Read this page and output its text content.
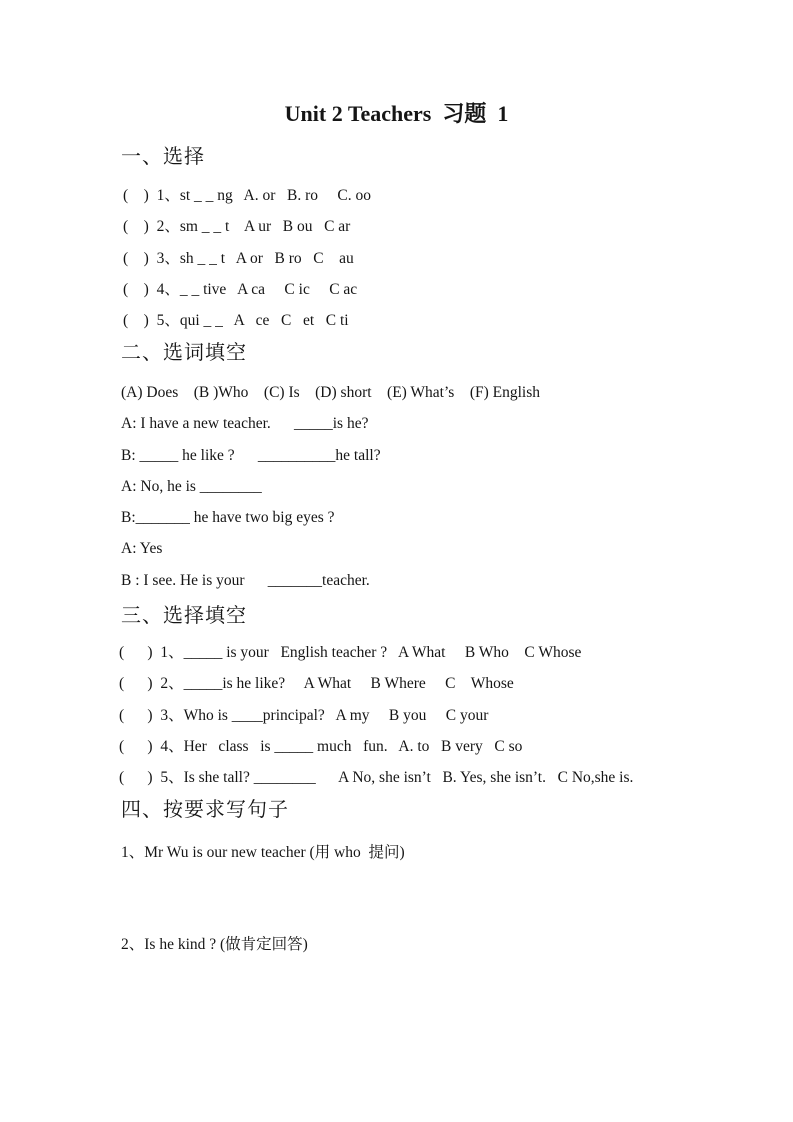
Unit 2 Teachers  习题  1
一、选择
(    )  1、st _ _ ng   A. or   B. ro     C. oo
(    )  2、sm _ _ t    A ur   B ou   C ar
(    )  3、sh _ _ t   A or   B ro   C    au
(    )  4、_ _ tive   A ca     C ic     C ac
(    )  5、qui _ _   A   ce   C   et   C ti
二、选词填空
(A) Does    (B )Who    (C) Is    (D) short    (E) What’s    (F) English
A: I have a new teacher.      _____is he?
B: _____ he like ?      __________he tall?
A: No, he is ________
B:_______ he have two big eyes ?
A: Yes
B : I see. He is your      _______teacher.
三、选择填空
(      )  1、_____ is your   English teacher ?   A What     B Who    C Whose
(      )  2、_____is he like?     A What     B Where     C    Whose
(      )  3、Who is ____principal?   A my     B you     C your
(      )  4、Her   class   is _____ much   fun.   A. to   B very   C so
(      )  5、Is she tall? ________      A No, she isn’t   B. Yes, she isn’t.   C No,she is.
四、按要求写句子
1、Mr Wu is our new teacher (用 who  提问)
2、Is he kind ? (做肯定回答)
